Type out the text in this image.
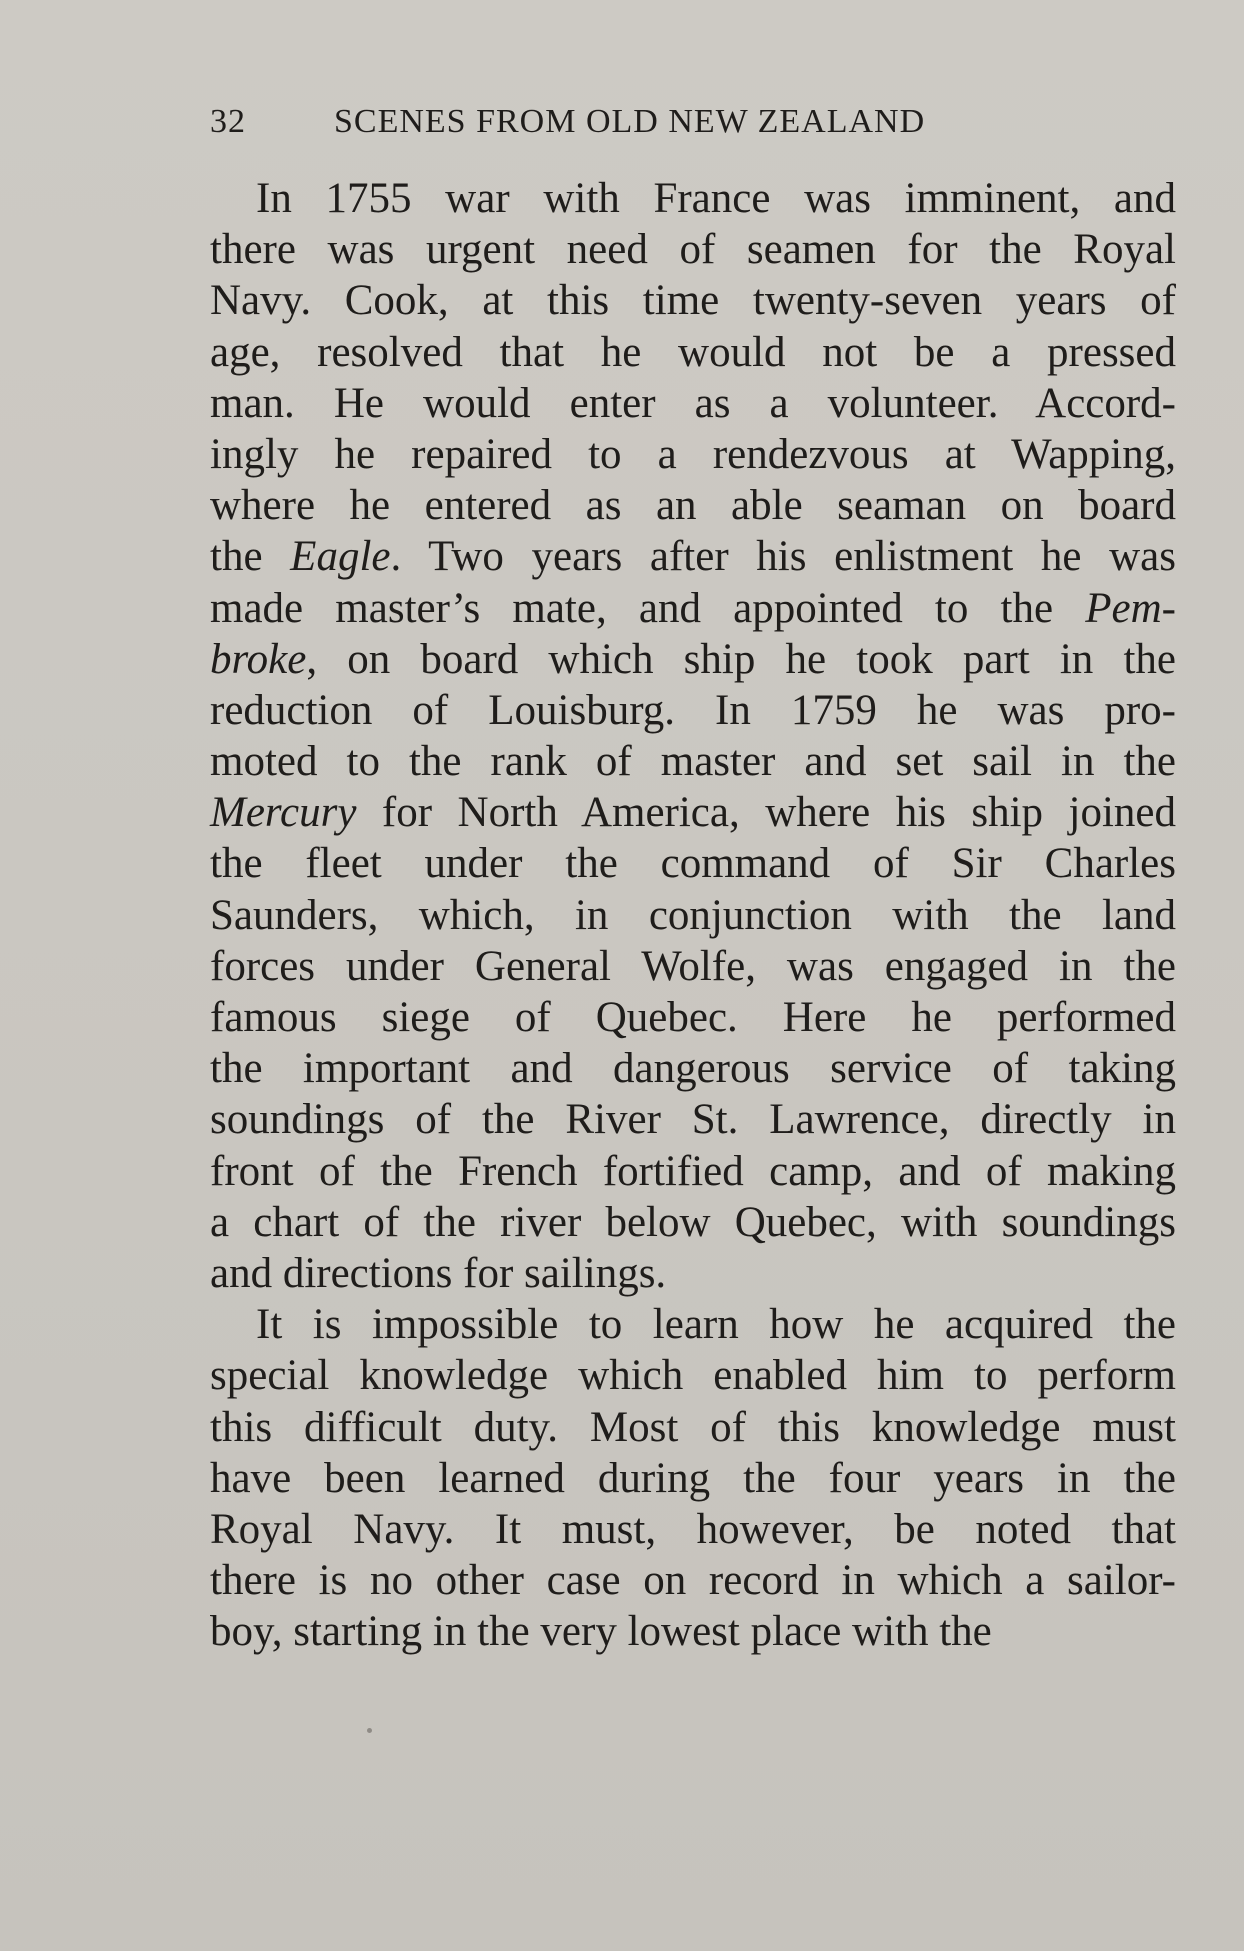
32	SCENES FROM OLD NEW ZEALAND
In 1755 war with France was imminent, and
there was urgent need of seamen for the Royal
Navy. Cook, at this time twenty-seven years of
age, resolved that he would not be a pressed
man. He would enter as a volunteer. Accord-
ingly he repaired to a rendezvous at Wapping,
where he entered as an able seaman on board
the Eagle. Two years after his enlistment he was
made master’s mate, and appointed to the Pem-
broke, on board which ship he took part in the
reduction of Louisburg. In 1759 he was pro-
moted to the rank of master and set sail in the
Mercury for North America, where his ship joined
the fleet under the command of Sir Charles
Saunders, which, in conjunction with the land
forces under General Wolfe, was engaged in the
famous siege of Quebec. Here he performed
the important and dangerous service of taking
soundings of the River St. Lawrence, directly in
front of the French fortified camp, and of making
a chart of the river below Quebec, with soundings
and directions for sailings.
It is impossible to learn how he acquired the
special knowledge which enabled him to perform
this difficult duty. Most of this knowledge must
have been learned during the four years in the
Royal Navy. It must, however, be noted that
there is no other case on record in which a sailor-
boy, starting in the very lowest place with the
